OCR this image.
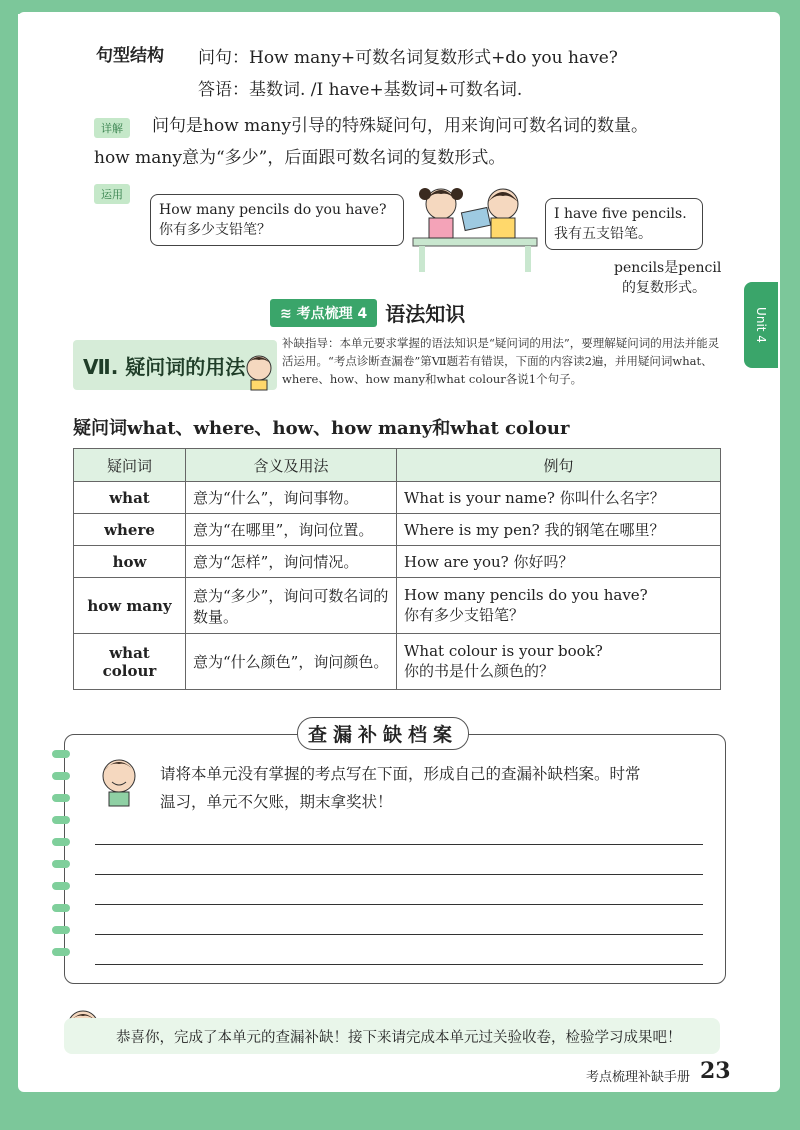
Unit 4
句型结构 问句：How many+可数名词复数形式+do you have?
答语：基数词. /I have+基数词+可数名词.
详解	问句是how many引导的特殊疑问句，用来询问可数名词的数量。
how many意为“多少”，后面跟可数名词的复数形式。
运用
How many pencils do you have?
你有多少支铅笔？
I have five pencils.
我有五支铅笔。
pencils是pencil
的复数形式。
≋ 考点梳理 4 语法知识
Ⅶ. 疑问词的用法
补缺指导：本单元要求掌握的语法知识是“疑问词的用法”，要理解疑问词的用法并能灵活运用。“考点诊断查漏卷”第Ⅶ题若有错误，下面的内容读2遍，并用疑问词what、where、how、how many和what colour各说1个句子。
疑问词what、where、how、how many和what colour
疑问词	含义及用法	例句
what	意为“什么”，询问事物。	What is your name? 你叫什么名字？
where	意为“在哪里”，询问位置。	Where is my pen? 我的钢笔在哪里？
how	意为“怎样”，询问情况。	How are you? 你好吗？
how many	意为“多少”，询问可数名词的数量。	How many pencils do you have?
你有多少支铅笔？

what colour	意为“什么颜色”，询问颜色。	What colour is your book?
你的书是什么颜色的？
查漏补缺档案
请将本单元没有掌握的考点写在下面，形成自己的查漏补缺档案。时常
温习，单元不欠账，期末拿奖状！
恭喜你，完成了本单元的查漏补缺！接下来请完成本单元过关验收卷，检验学习成果吧！
考点梳理补缺手册 23
